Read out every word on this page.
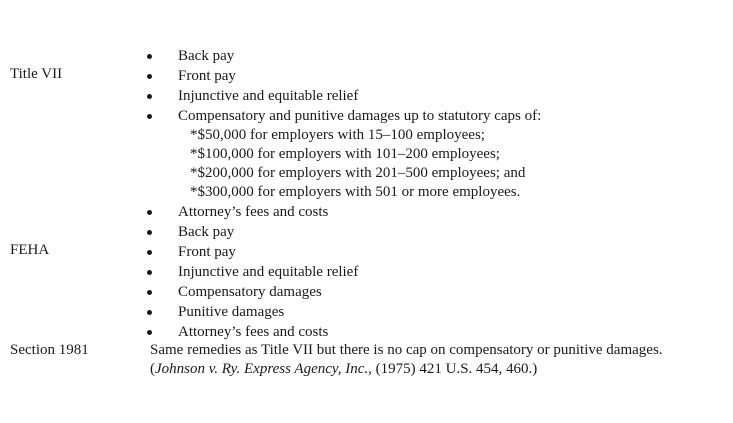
Title VII
Back pay
Front pay
Injunctive and equitable relief
Compensatory and punitive damages up to statutory caps of:
*$50,000 for employers with 15–100 employees;
*$100,000 for employers with 101–200 employees;
*$200,000 for employers with 201–500 employees; and
*$300,000 for employers with 501 or more employees.
Attorney’s fees and costs
FEHA
Back pay
Front pay
Injunctive and equitable relief
Compensatory damages
Punitive damages
Attorney’s fees and costs
Section 1981	Same remedies as Title VII but there is no cap on compensatory or punitive damages.
(Johnson v. Ry. Express Agency, Inc., (1975) 421 U.S. 454, 460.)
